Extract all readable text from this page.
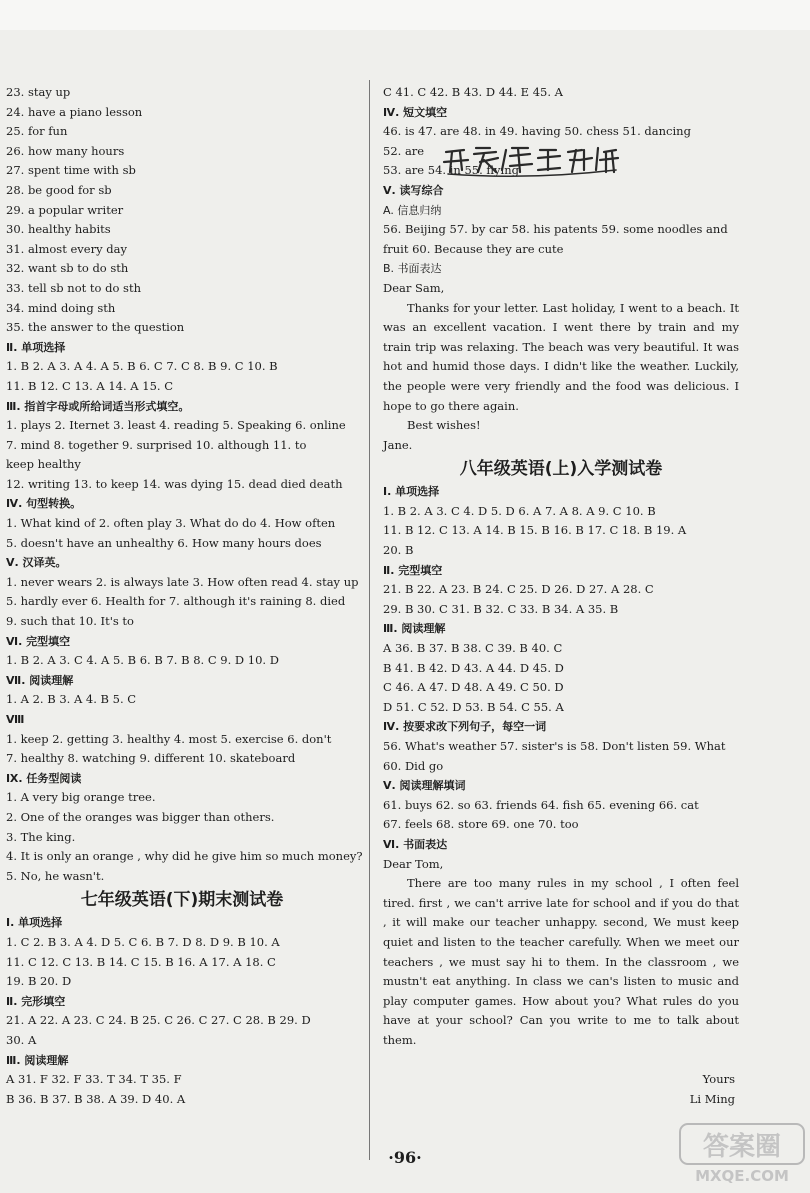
23. stay up
24. have a piano lesson
25. for fun
26. how many hours
27. spent time with sb
28. be good for sb
29. a popular writer
30. healthy habits
31. almost every day
32. want sb to do sth
33. tell sb not to do sth
34. mind doing sth
35. the answer to the question
Ⅱ. 单项选择
1. B 2. A 3. A 4. A 5. B 6. C 7. C 8. B 9. C 10. B
11. B 12. C 13. A 14. A 15. C
Ⅲ. 指首字母或所给词适当形式填空。
1. plays 2. Iternet 3. least 4. reading 5. Speaking 6. online
7. mind 8. together 9. surprised 10. although 11. to
keep healthy
12. writing 13. to keep 14. was dying 15. dead died death
Ⅳ. 句型转换。
1. What kind of 2. often play 3. What do do 4. How often
5. doesn't have an unhealthy 6. How many hours does
Ⅴ. 汉译英。
1. never wears 2. is always late 3. How often read 4. stay up
5. hardly ever 6. Health for 7. although it's raining 8. died
9. such that 10. It's to
Ⅵ. 完型填空
1. B 2. A 3. C 4. A 5. B 6. B 7. B 8. C 9. D 10. D
Ⅶ. 阅读理解
1. A 2. B 3. A 4. B 5. C
Ⅷ
1. keep 2. getting 3. healthy 4. most 5. exercise 6. don't
7. healthy 8. watching 9. different 10. skateboard
Ⅸ. 任务型阅读
1. A very big orange tree.
2. One of the oranges was bigger than others.
3. The king.
4. It is only an orange , why did he give him so much money?
5. No, he wasn't.
七年级英语(下)期末测试卷
Ⅰ. 单项选择
1. C 2. B 3. A 4. D 5. C 6. B 7. D 8. D 9. B 10. A
11. C 12. C 13. B 14. C 15. B 16. A 17. A 18. C
19. B 20. D
Ⅱ. 完形填空
21. A 22. A 23. C 24. B 25. C 26. C 27. C 28. B 29. D
30. A
Ⅲ. 阅读理解
A 31. F 32. F 33. T 34. T 35. F
B 36. B 37. B 38. A 39. D 40. A
C 41. C 42. B 43. D 44. E 45. A
Ⅳ. 短文填空
46. is 47. are 48. in 49. having 50. chess 51. dancing
52. are
53. are 54. in 55. flying
Ⅴ. 读写综合
A. 信息归纳
56. Beijing 57. by car 58. his patents 59. some noodles and
fruit 60. Because they are cute
B. 书面表达
Dear Sam,
Thanks for your letter. Last holiday, I went to a beach. It was an excellent vacation. I went there by train and my train trip was relaxing. The beach was very beautiful. It was hot and humid those days. I didn't like the weather. Luckily, the people were very friendly and the food was delicious. I hope to go there again.
Best wishes!
Jane.
八年级英语(上)入学测试卷
Ⅰ. 单项选择
1. B 2. A 3. C 4. D 5. D 6. A 7. A 8. A 9. C 10. B
11. B 12. C 13. A 14. B 15. B 16. B 17. C 18. B 19. A
20. B
Ⅱ. 完型填空
21. B 22. A 23. B 24. C 25. D 26. D 27. A 28. C
29. B 30. C 31. B 32. C 33. B 34. A 35. B
Ⅲ. 阅读理解
A 36. B 37. B 38. C 39. B 40. C
B 41. B 42. D 43. A 44. D 45. D
C 46. A 47. D 48. A 49. C 50. D
D 51. C 52. D 53. B 54. C 55. A
Ⅳ. 按要求改下列句子，每空一词
56. What's weather 57. sister's is 58. Don't listen 59. What
60. Did go
Ⅴ. 阅读理解填词
61. buys 62. so 63. friends 64. fish 65. evening 66. cat
67. feels 68. store 69. one 70. too
Ⅵ. 书面表达
Dear Tom,
There are too many rules in my school , I often feel tired. first , we can't arrive late for school and if you do that , it will make our teacher unhappy. second, We must keep quiet and listen to the teacher carefully. When we meet our teachers , we must say hi to them. In the classroom , we mustn't eat anything. In class we can's listen to music and play computer games. How about you? What rules do you have at your school? Can you write to me to talk about them.
Yours
Li Ming
·96·	答案圈
MXQE.COM
